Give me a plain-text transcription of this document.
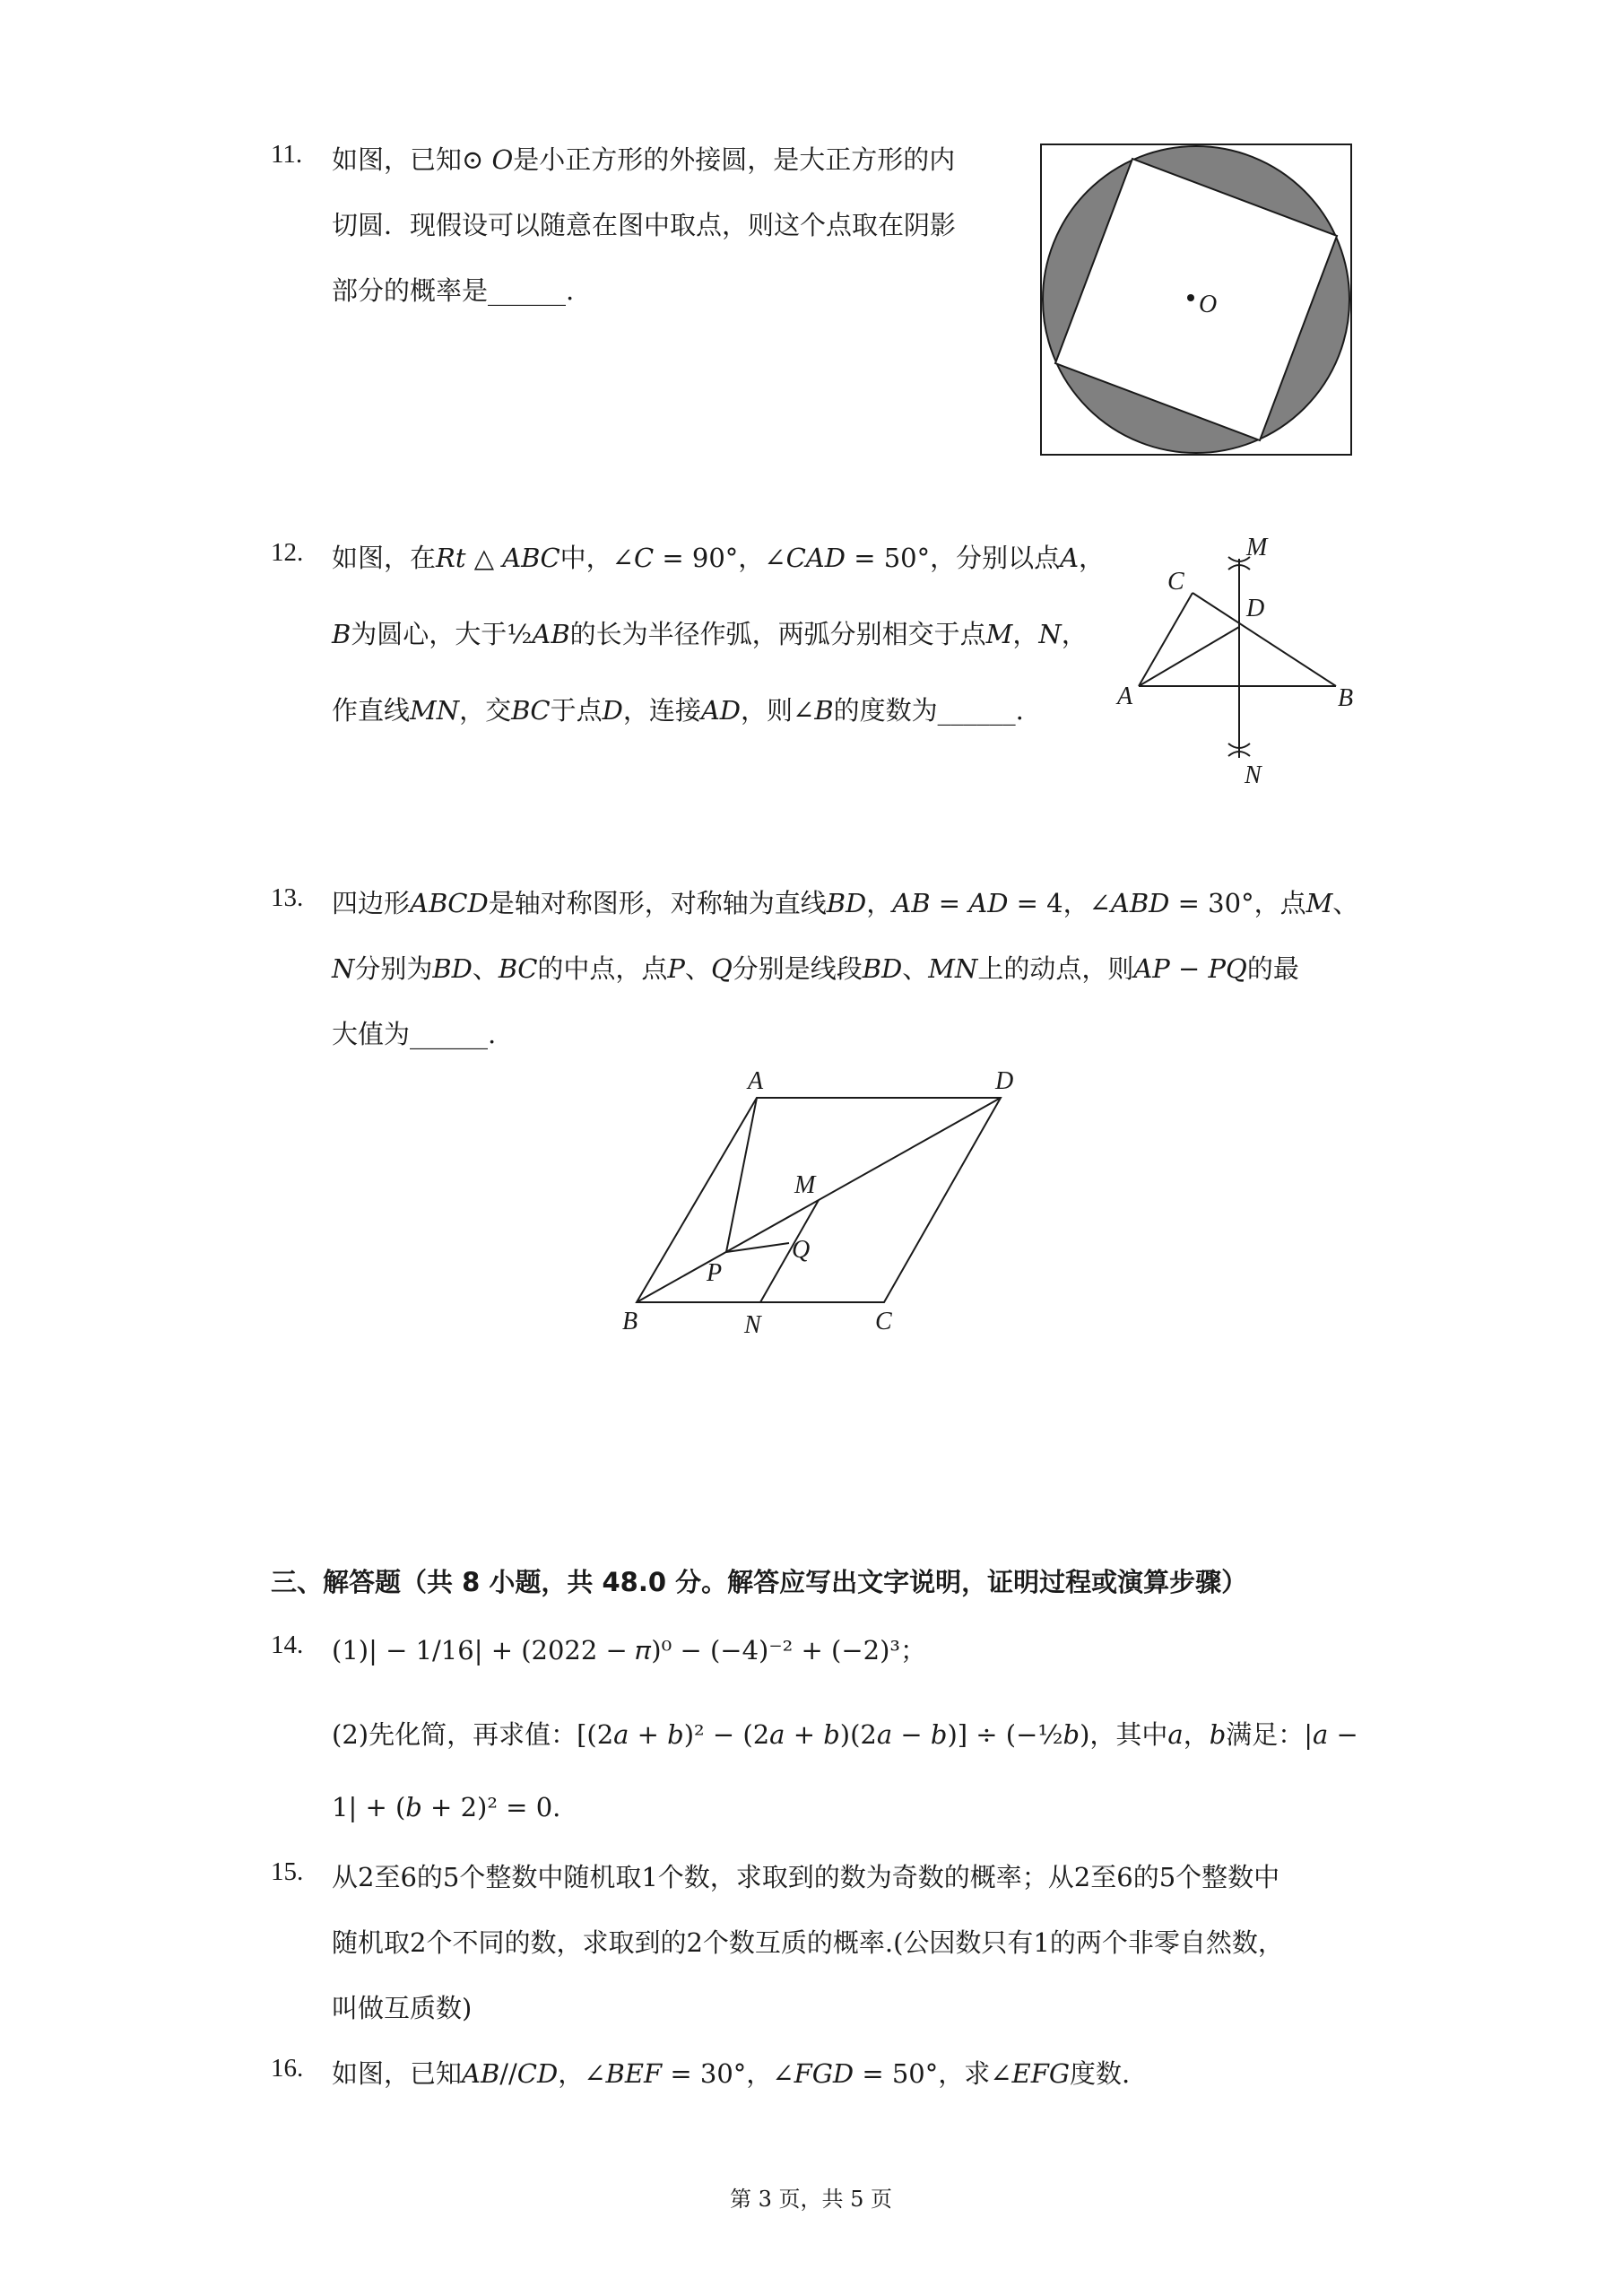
11. 如图，已知⊙ 𝑂是小正方形的外接圆，是大正方形的内
切圆．现假设可以随意在图中取点，则这个点取在阴影
部分的概率是______.	O
12. 如图，在𝑅𝑡 △ 𝐴𝐵𝐶中，∠𝐶 = 90°，∠𝐶𝐴𝐷 = 50°，分别以点𝐴，
𝐵为圆心，大于½𝐴𝐵的长为半径作弧，两弧分别相交于点𝑀，𝑁，
作直线𝑀𝑁，交𝐵𝐶于点𝐷，连接𝐴𝐷，则∠𝐵的度数为______.
C
M
D
A	B
N
13. 四边形𝐴𝐵𝐶𝐷是轴对称图形，对称轴为直线𝐵𝐷，𝐴𝐵 = 𝐴𝐷 = 4，∠𝐴𝐵𝐷 = 30°，点𝑀、
𝑁分别为𝐵𝐷、𝐵𝐶的中点，点𝑃、𝑄分别是线段𝐵𝐷、𝑀𝑁上的动点，则𝐴𝑃 − 𝑃𝑄的最
大值为______.
A	D
M
Q
P
B	N	C
三、解答题（共 8 小题，共 48.0 分。解答应写出文字说明，证明过程或演算步骤）
14. (1)| − 1/16| + (2022 − 𝜋)⁰ − (−4)⁻² + (−2)³；
(2)先化简，再求值：[(2𝑎 + 𝑏)² − (2𝑎 + 𝑏)(2𝑎 − 𝑏)] ÷ (−½𝑏)，其中𝑎，𝑏满足：|𝑎 −
1| + (𝑏 + 2)² = 0.
15. 从2至6的5个整数中随机取1个数，求取到的数为奇数的概率；从2至6的5个整数中
随机取2个不同的数，求取到的2个数互质的概率.(公因数只有1的两个非零自然数，
叫做互质数)
16. 如图，已知𝐴𝐵//𝐶𝐷，∠𝐵𝐸𝐹 = 30°，∠𝐹𝐺𝐷 = 50°，求∠𝐸𝐹𝐺度数.
第 3 页，共 5 页
